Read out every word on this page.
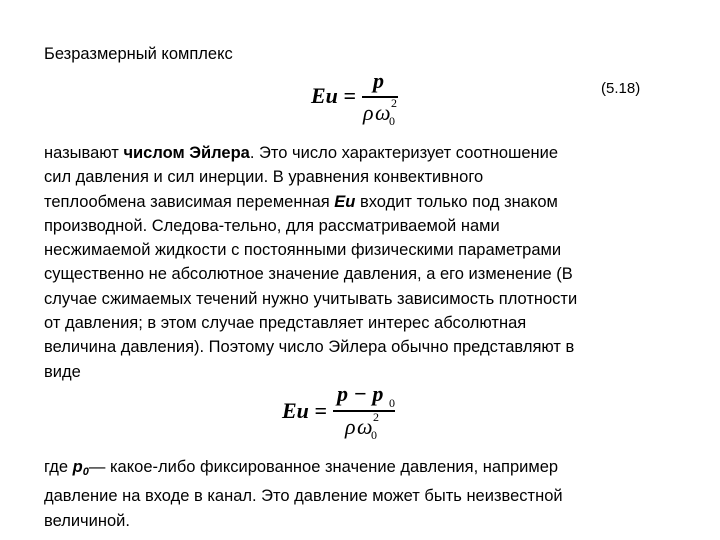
Безразмерный комплекс

Eu =
p
ρ ω 2
0
(5.18)
называют числом Эйлера. Это число характеризует соотношение
сил давления и сил инерции. В уравнения конвективного
теплообмена зависимая переменная Eu входит только под знаком
производной. Следова-тельно, для рассматриваемой нами
несжимаемой жидкости с постоянными физическими параметрами
существенно не абсолютное значение давления, а его изменение (В
случае сжимаемых течений нужно учитывать зависимость плотности
от давления; в этом случае представляет интерес абсолютная
величина давления). Поэтому число Эйлера обычно представляют в
виде
Eu =
p − p 0
ρ ω 2
0
где p0— какое-либо фиксированное значение давления, например
давление на входе в канал. Это давление может быть неизвестной
величиной.
